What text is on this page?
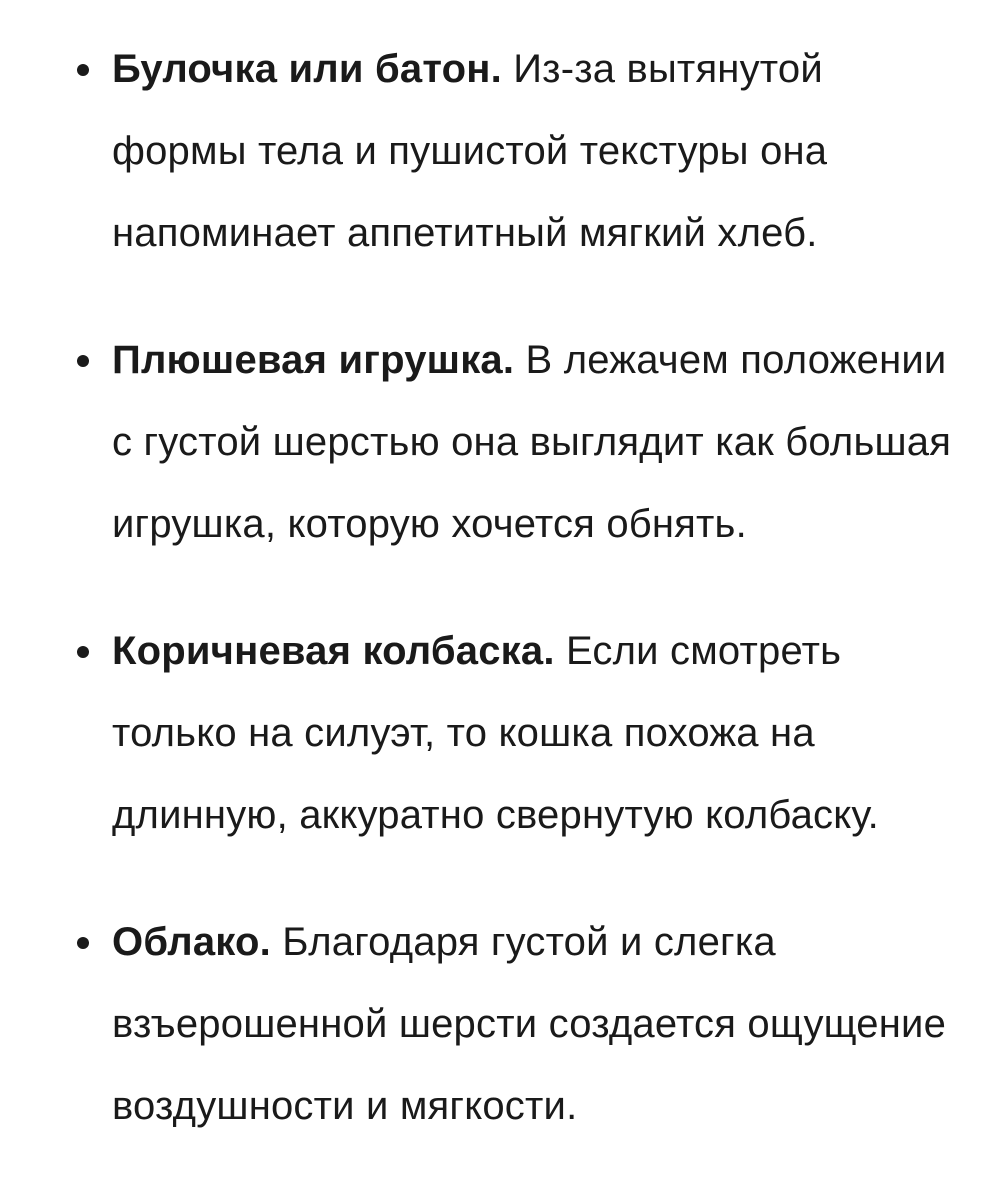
Булочка или батон. Из-за вытянутой формы тела и пушистой текстуры она напоминает аппетитный мягкий хлеб.
Плюшевая игрушка. В лежачем положении с густой шерстью она выглядит как большая игрушка, которую хочется обнять.
Коричневая колбаска. Если смотреть только на силуэт, то кошка похожа на длинную, аккуратно свернутую колбаску.
Облако. Благодаря густой и слегка взъерошенной шерсти создается ощущение воздушности и мягкости.
